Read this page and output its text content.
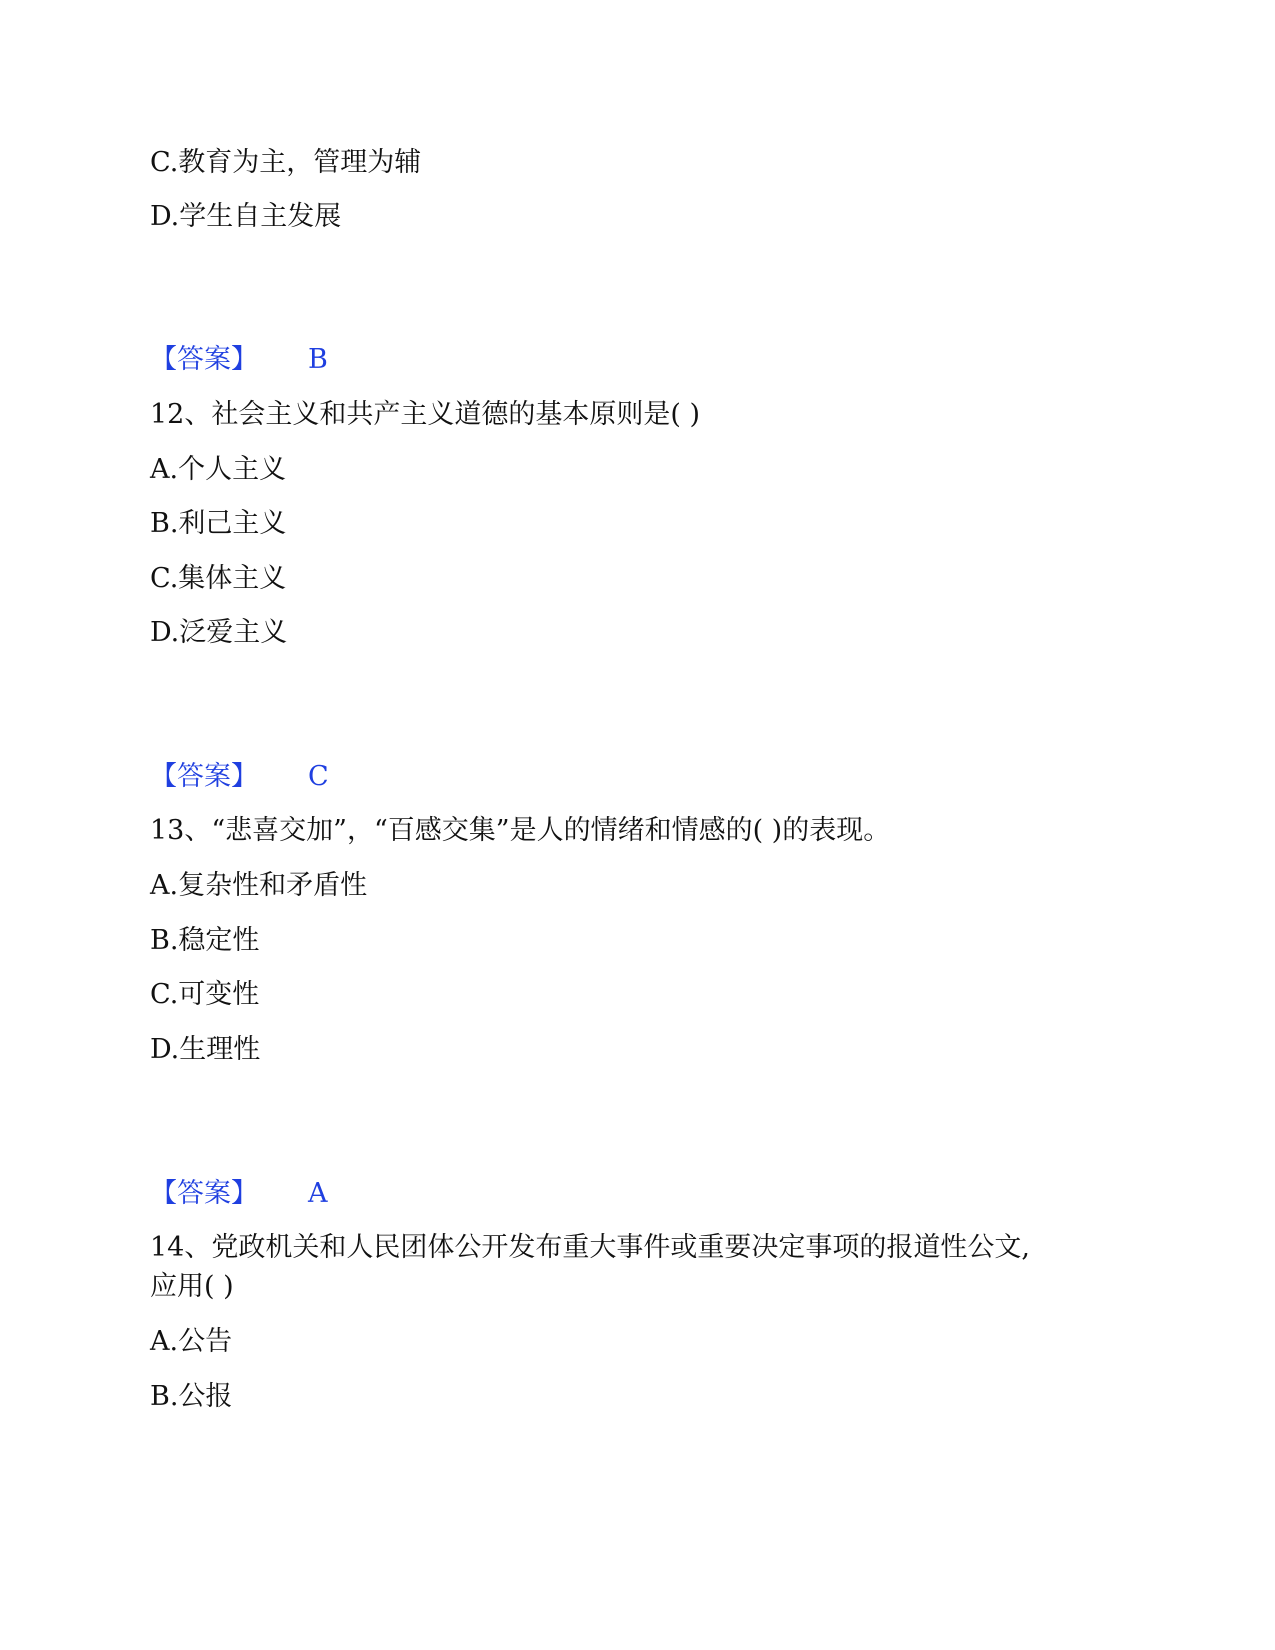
C.教育为主，管理为辅

D.学生自主发展

【答案】 B

12、社会主义和共产主义道德的基本原则是( )

A.个人主义

B.利己主义

C.集体主义

D.泛爱主义

【答案】 C

13、“悲喜交加”，“百感交集”是人的情绪和情感的( )的表现。

A.复杂性和矛盾性

B.稳定性

C.可变性

D.生理性

【答案】 A

14、党政机关和人民团体公开发布重大事件或重要决定事项的报道性公文,

应用( )

A.公告

B.公报
